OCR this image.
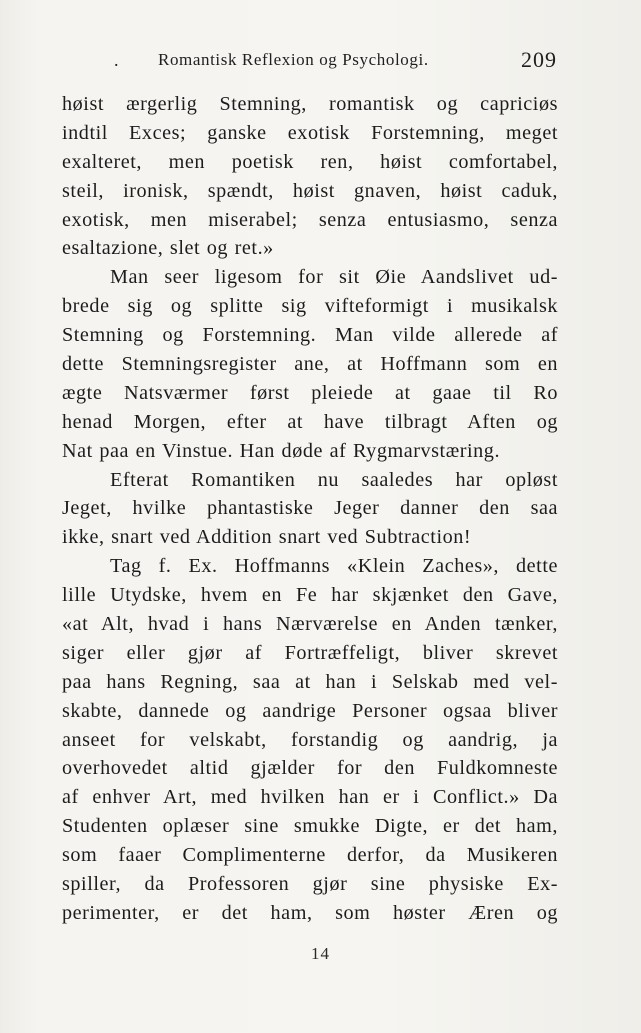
. Romantisk Reflexion og Psychologi.	209
høist ærgerlig Stemning, romantisk og capriciøs
indtil Exces; ganske exotisk Forstemning, meget
exalteret, men poetisk ren, høist comfortabel,
steil, ironisk, spændt, høist gnaven, høist caduk,
exotisk, men miserabel; senza entusiasmo, senza
esaltazione, slet og ret.»
Man seer ligesom for sit Øie Aandslivet ud-
brede sig og splitte sig vifteformigt i musikalsk
Stemning og Forstemning. Man vilde allerede af
dette Stemningsregister ane, at Hoffmann som en
ægte Natsværmer først pleiede at gaae til Ro
henad Morgen, efter at have tilbragt Aften og
Nat paa en Vinstue. Han døde af Rygmarvstæring.
Efterat Romantiken nu saaledes har opløst
Jeget, hvilke phantastiske Jeger danner den saa
ikke, snart ved Addition snart ved Subtraction!
Tag f. Ex. Hoffmanns «Klein Zaches», dette
lille Utydske, hvem en Fe har skjænket den Gave,
«at Alt, hvad i hans Nærværelse en Anden tænker,
siger eller gjør af Fortræffeligt, bliver skrevet
paa hans Regning, saa at han i Selskab med vel-
skabte, dannede og aandrige Personer ogsaa bliver
anseet for velskabt, forstandig og aandrig, ja
overhovedet altid gjælder for den Fuldkomneste
af enhver Art, med hvilken han er i Conflict.» Da
Studenten oplæser sine smukke Digte, er det ham,
som faaer Complimenterne derfor, da Musikeren
spiller, da Professoren gjør sine physiske Ex-
perimenter, er det ham, som høster Æren og
14
